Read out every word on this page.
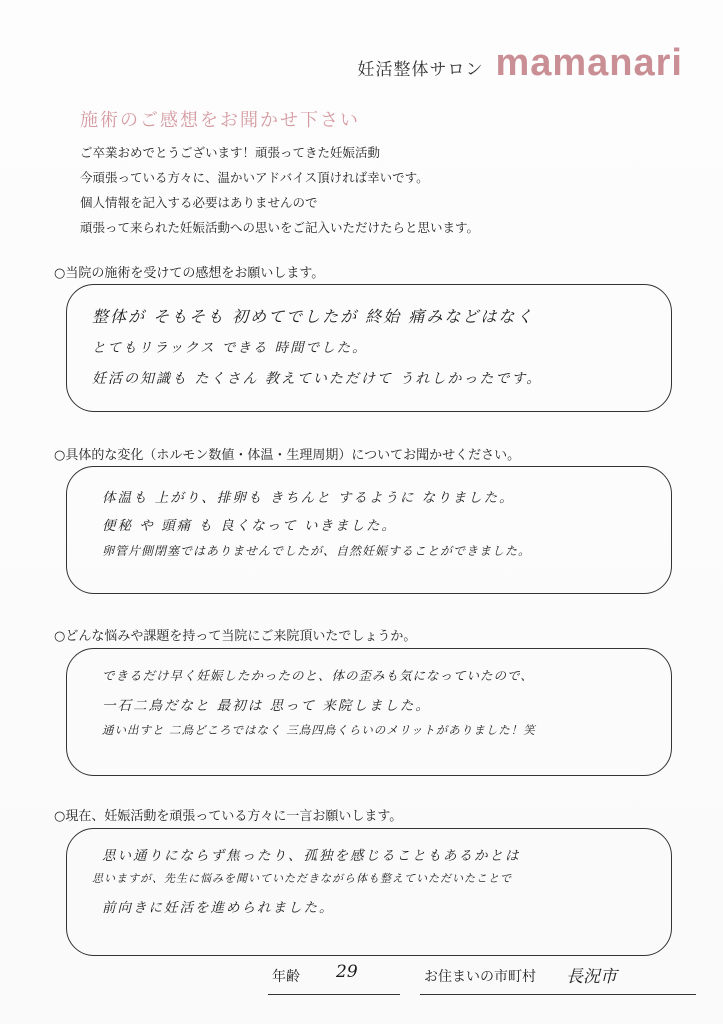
妊活整体サロン mamanari
施術のご感想をお聞かせ下さい
ご卒業おめでとうございます！頑張ってきた妊娠活動
今頑張っている方々に、温かいアドバイス頂ければ幸いです。
個人情報を記入する必要はありませんので
頑張って来られた妊娠活動への思いをご記入いただけたらと思います。
○当院の施術を受けての感想をお願いします。
整体が そもそも 初めてでしたが 終始 痛みなどはなく
とてもリラックス できる 時間でした。
妊活の知識も たくさん 教えていただけて うれしかったです。
○具体的な変化（ホルモン数値・体温・生理周期）についてお聞かせください。
体温も 上がり、排卵も きちんと するように なりました。
便秘 や 頭痛 も 良くなって いきました。
卵管片側閉塞ではありませんでしたが、自然妊娠することができました。
○どんな悩みや課題を持って当院にご来院頂いたでしょうか。
できるだけ早く妊娠したかったのと、体の歪みも気になっていたので、
一石二鳥だなと 最初は 思って 来院しました。
通い出すと 二鳥どころではなく 三鳥四鳥くらいのメリットがありました！笑
○現在、妊娠活動を頑張っている方々に一言お願いします。
思い通りにならず焦ったり、孤独を感じることもあるかとは
思いますが、先生に悩みを聞いていただきながら体も整えていただいたことで
前向きに妊活を進められました。
年齢 29	お住まいの市町村 長況市
